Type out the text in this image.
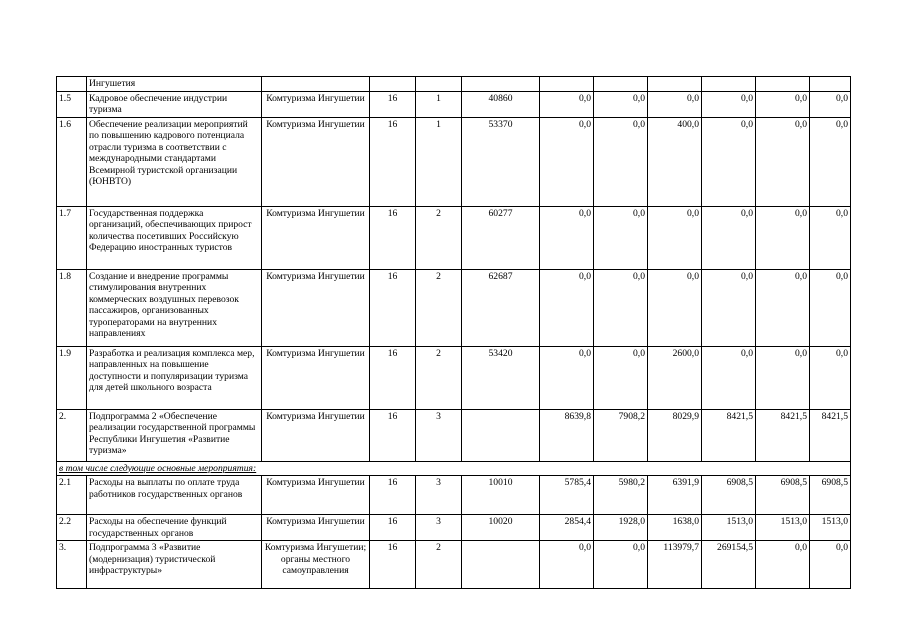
	Ингушетия										
1.5	Кадровое обеспечение индустрии туризма	Комтуризма Ингушетии	16	1	40860	0,0	0,0	0,0	0,0	0,0	0,0
1.6	Обеспечение реализации мероприятий по повышению кадрового потенциала отрасли туризма в соответствии с международными стандартами Всемирной туристской организации (ЮНВТО)	Комтуризма Ингушетии	16	1	53370	0,0	0,0	400,0	0,0	0,0	0,0
1.7	Государственная поддержка организаций, обеспечивающих прирост количества посетивших Российскую Федерацию иностранных туристов	Комтуризма Ингушетии	16	2	60277	0,0	0,0	0,0	0,0	0,0	0,0
1.8	Создание и внедрение программы стимулирования внутренних коммерческих воздушных перевозок пассажиров, организованных туроператорами на внутренних направлениях	Комтуризма Ингушетии	16	2	62687	0,0	0,0	0,0	0,0	0,0	0,0
1.9	Разработка и реализация комплекса мер, направленных на повышение доступности и популяризации туризма для детей школьного возраста	Комтуризма Ингушетии	16	2	53420	0,0	0,0	2600,0	0,0	0,0	0,0
2.	Подпрограмма 2 «Обеспечение реализации государственной программы Республики Ингушетия «Развитие туризма»	Комтуризма Ингушетии	16	3		8639,8	7908,2	8029,9	8421,5	8421,5	8421,5
в том числе следующие основные мероприятия:											
2.1	Расходы на выплаты по оплате труда работников государственных органов	Комтуризма Ингушетии	16	3	10010	5785,4	5980,2	6391,9	6908,5	6908,5	6908,5
2.2	Расходы на обеспечение функций государственных органов	Комтуризма Ингушетии	16	3	10020	2854,4	1928,0	1638,0	1513,0	1513,0	1513,0
3.	Подпрограмма 3 «Развитие (модернизация) туристической инфраструктуры»	Комтуризма Ингушетии; органы местного самоуправления	16	2		0,0	0,0	113979,7	269154,5	0,0	0,0
